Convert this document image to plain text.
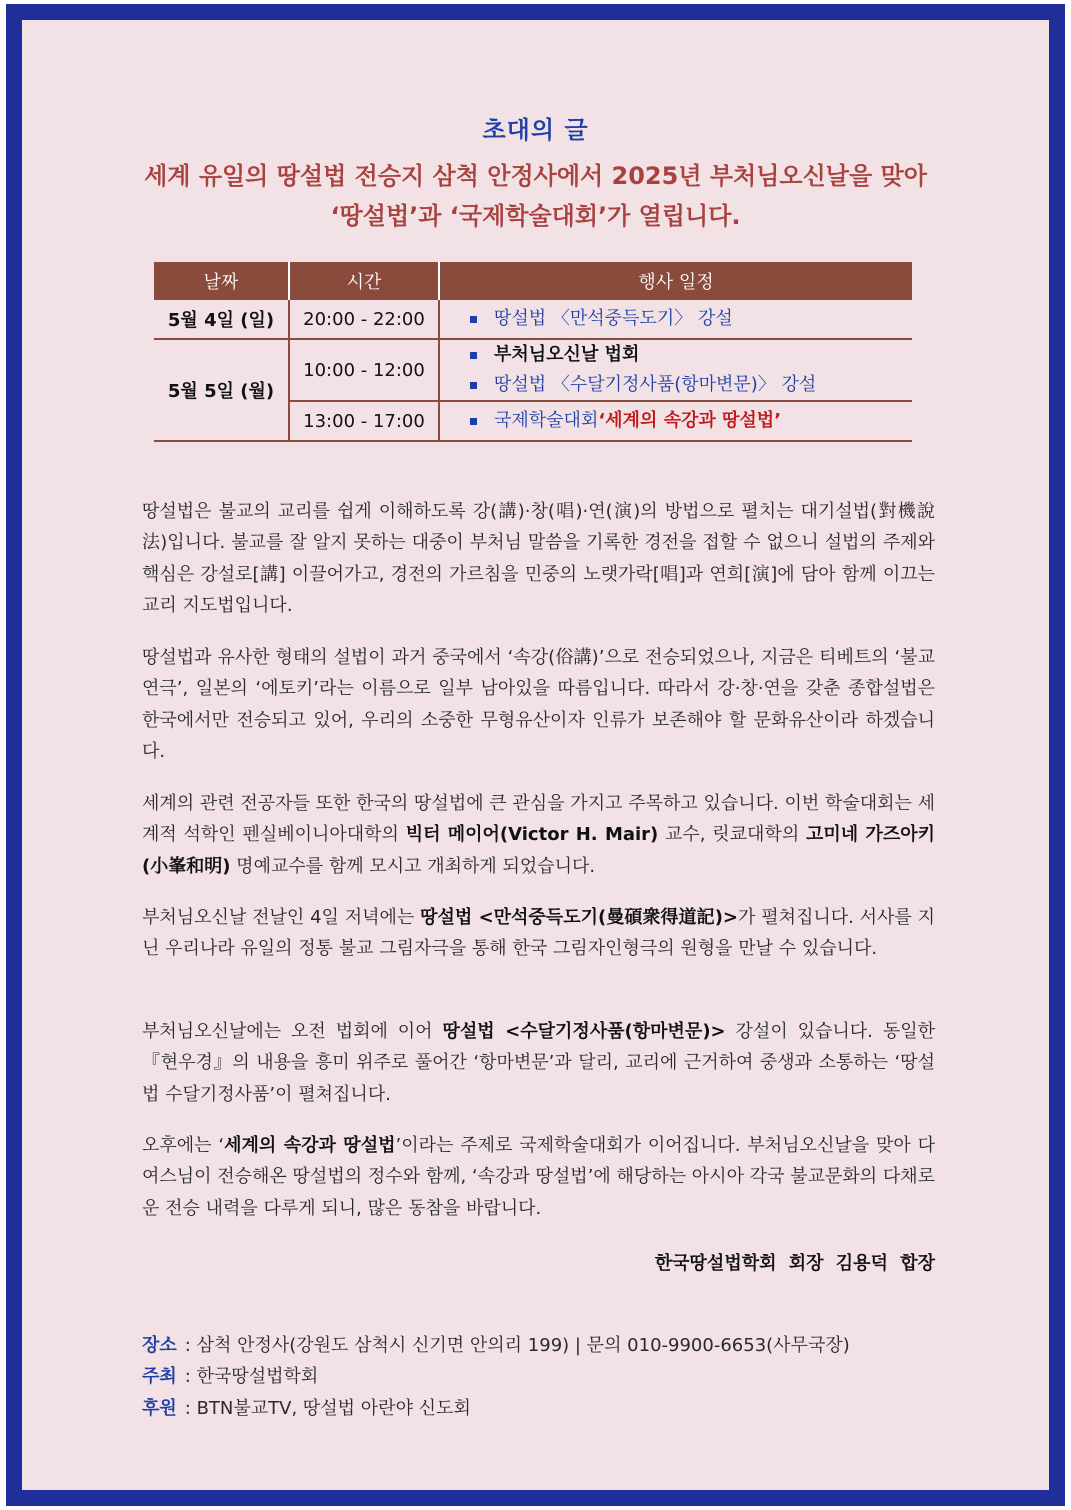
초대의 글
세계 유일의 땅설법 전승지 삼척 안정사에서 2025년 부처님오신날을 맞아
‘땅설법’과 ‘국제학술대회’가 열립니다.
날짜	시간	행사 일정
5월 4일 (일)	20:00 - 22:00	땅설법 〈만석중득도기〉 강설

5월 5일 (월)	10:00 - 12:00	부처님오신날 법회
땅설법 〈수달기정사품(항마변문)〉 강설

	13:00 - 17:00	국제학술대회 ‘세계의 속강과 땅설법’

땅설법은 불교의 교리를 쉽게 이해하도록 강(講)·창(唱)·연(演)의 방법으로 펼치는 대기설법(對機說法)입니다. 불교를 잘 알지 못하는 대중이 부처님 말씀을 기록한 경전을 접할 수 없으니 설법의 주제와 핵심은 강설로[講] 이끌어가고, 경전의 가르침을 민중의 노랫가락[唱]과 연희[演]에 담아 함께 이끄는 교리 지도법입니다.

땅설법과 유사한 형태의 설법이 과거 중국에서 ‘속강(俗講)’으로 전승되었으나, 지금은 티베트의 ‘불교 연극’, 일본의 ‘에토키’라는 이름으로 일부 남아있을 따름입니다. 따라서 강·창·연을 갖춘 종합설법은 한국에서만 전승되고 있어, 우리의 소중한 무형유산이자 인류가 보존해야 할 문화유산이라 하겠습니다.

세계의 관련 전공자들 또한 한국의 땅설법에 큰 관심을 가지고 주목하고 있습니다. 이번 학술대회는 세계적 석학인 펜실베이니아대학의 빅터 메이어(Victor H. Mair) 교수, 릿쿄대학의 고미네 가즈아키(小峯和明) 명예교수를 함께 모시고 개최하게 되었습니다.

부처님오신날 전날인 4일 저녁에는 땅설법 <만석중득도기(曼碩衆得道記)>가 펼쳐집니다. 서사를 지닌 우리나라 유일의 정통 불교 그림자극을 통해 한국 그림자인형극의 원형을 만날 수 있습니다.

부처님오신날에는 오전 법회에 이어 땅설법 <수달기정사품(항마변문)> 강설이 있습니다. 동일한 『현우경』의 내용을 흥미 위주로 풀어간 ‘항마변문’과 달리, 교리에 근거하여 중생과 소통하는 ‘땅설법 수달기정사품’이 펼쳐집니다.

오후에는 ‘세계의 속강과 땅설법’이라는 주제로 국제학술대회가 이어집니다. 부처님오신날을 맞아 다여스님이 전승해온 땅설법의 정수와 함께, ‘속강과 땅설법’에 해당하는 아시아 각국 불교문화의 다채로운 전승 내력을 다루게 되니, 많은 동참을 바랍니다.

한국땅설법학회 회장 김용덕 합장
장소 : 삼척 안정사(강원도 삼척시 신기면 안의리 199) | 문의 010-9900-6653(사무국장)
주최 : 한국땅설법학회
후원 : BTN불교TV, 땅설법 아란야 신도회
